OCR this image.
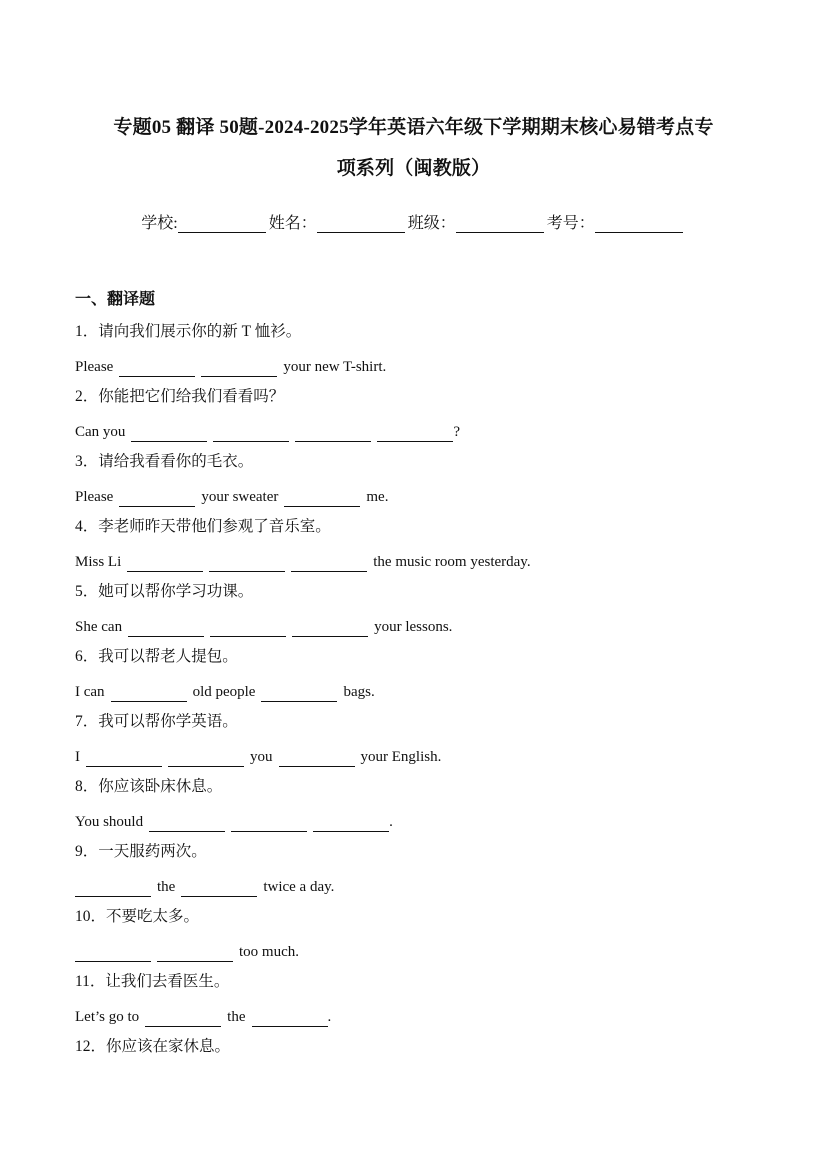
专题05 翻译 50题-2024-2025学年英语六年级下学期期末核心易错考点专
项系列（闽教版）
学校:	姓名：	班级：	考号：
一、翻译题
1．请向我们展示你的新 T 恤衫。
Please	your new T-shirt.
2．你能把它们给我们看看吗？
Can you	?
3．请给我看看你的毛衣。
Please	your sweater	me.
4．李老师昨天带他们参观了音乐室。
Miss Li	the music room yesterday.
5．她可以帮你学习功课。
She can	your lessons.
6．我可以帮老人提包。
I can	old people	bags.
7．我可以帮你学英语。
I	you	your English.
8．你应该卧床休息。
You should	.
9．一天服药两次。
the	twice a day.
10．不要吃太多。
too much.
11．让我们去看医生。
Let’s go to	the	.
12．你应该在家休息。
